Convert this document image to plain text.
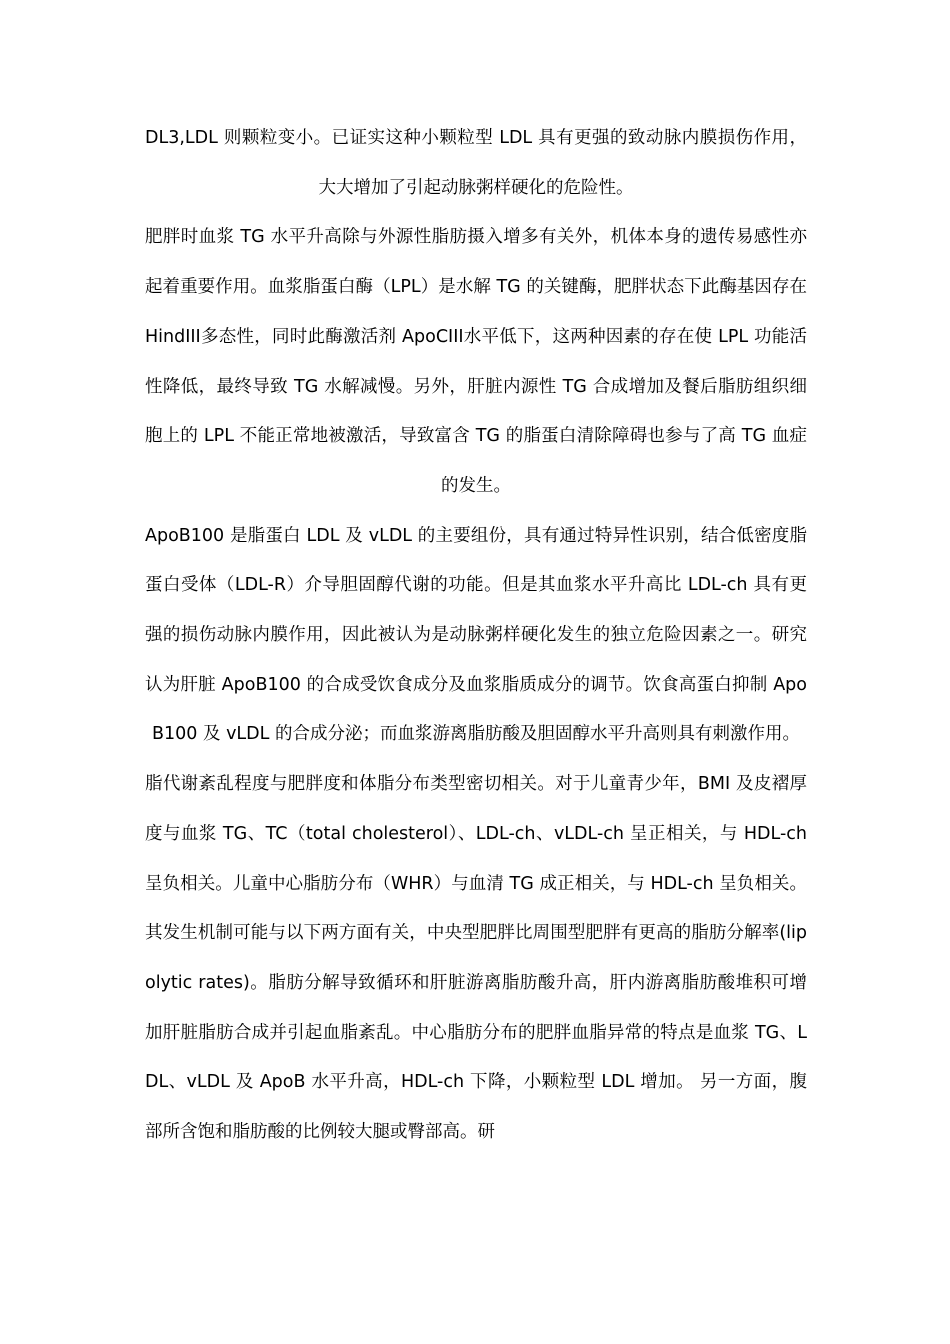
DL3,LDL 则颗粒变小。已证实这种小颗粒型 LDL 具有更强的致动脉内膜损伤作用，大大增加了引起动脉粥样硬化的危险性。

肥胖时血浆 TG 水平升高除与外源性脂肪摄入增多有关外，机体本身的遗传易感性亦起着重要作用。血浆脂蛋白酶（LPL）是水解 TG 的关键酶，肥胖状态下此酶基因存在 HindIII多态性，同时此酶激活剂 ApoCIII水平低下，这两种因素的存在使 LPL 功能活性降低，最终导致 TG 水解减慢。另外，肝脏内源性 TG 合成增加及餐后脂肪组织细胞上的 LPL 不能正常地被激活，导致富含 TG 的脂蛋白清除障碍也参与了高 TG 血症的发生。

ApoB100 是脂蛋白 LDL 及 vLDL 的主要组份，具有通过特异性识别，结合低密度脂蛋白受体（LDL-R）介导胆固醇代谢的功能。但是其血浆水平升高比 LDL-ch 具有更强的损伤动脉内膜作用，因此被认为是动脉粥样硬化发生的独立危险因素之一。研究认为肝脏 ApoB100 的合成受饮食成分及血浆脂质成分的调节。饮食高蛋白抑制 ApoB100 及 vLDL 的合成分泌；而血浆游离脂肪酸及胆固醇水平升高则具有刺激作用。

脂代谢紊乱程度与肥胖度和体脂分布类型密切相关。对于儿童青少年，BMI 及皮褶厚度与血浆 TG、TC（total cholesterol）、LDL-ch、vLDL-ch 呈正相关，与 HDL-ch 呈负相关。儿童中心脂肪分布（WHR）与血清 TG 成正相关，与 HDL-ch 呈负相关。其发生机制可能与以下两方面有关，中央型肥胖比周围型肥胖有更高的脂肪分解率(lipolytic rates)。脂肪分解导致循环和肝脏游离脂肪酸升高，肝内游离脂肪酸堆积可增加肝脏脂肪合成并引起血脂紊乱。中心脂肪分布的肥胖血脂异常的特点是血浆 TG、LDL、vLDL 及 ApoB 水平升高，HDL-ch 下降，小颗粒型 LDL 增加。 另一方面，腹部所含饱和脂肪酸的比例较大腿或臀部高。研
